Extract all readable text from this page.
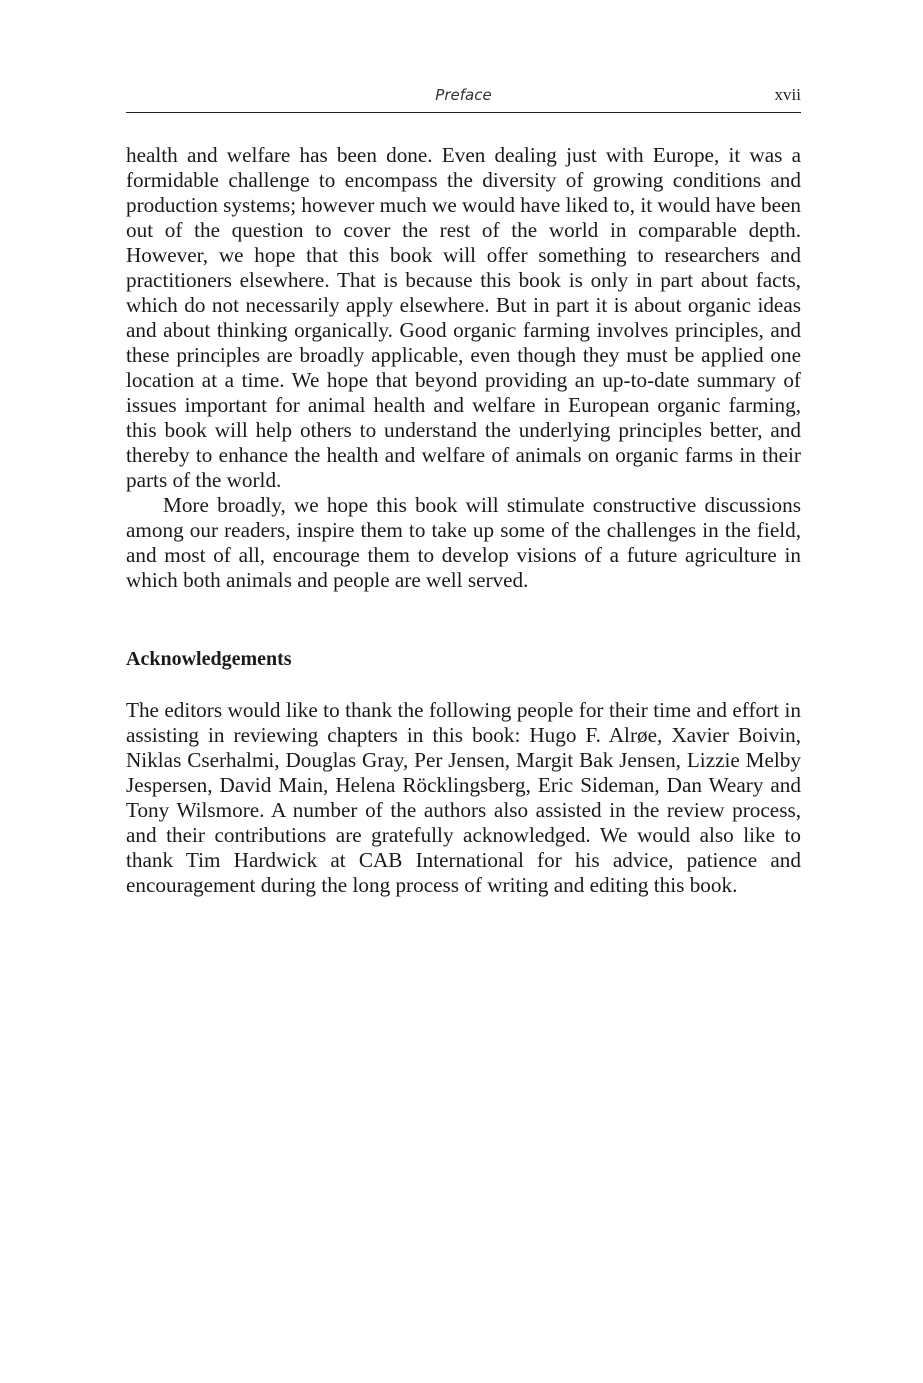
Preface	xvii

health and welfare has been done. Even dealing just with Europe, it was a formidable challenge to encompass the diversity of growing conditions and production systems; however much we would have liked to, it would have been out of the question to cover the rest of the world in comparable depth. However, we hope that this book will offer something to researchers and practitioners elsewhere. That is because this book is only in part about facts, which do not necessarily apply elsewhere. But in part it is about organic ideas and about thinking organically. Good organic farming involves principles, and these principles are broadly applicable, even though they must be applied one location at a time. We hope that beyond providing an up-to-date summary of issues important for animal health and welfare in European organic farming, this book will help others to understand the underlying principles better, and thereby to enhance the health and welfare of animals on organic farms in their parts of the world.

More broadly, we hope this book will stimulate constructive discussions among our readers, inspire them to take up some of the challenges in the field, and most of all, encourage them to develop visions of a future agriculture in which both animals and people are well served.

Acknowledgements

The editors would like to thank the following people for their time and effort in assisting in reviewing chapters in this book: Hugo F. Alrøe, Xavier Boivin, Niklas Cserhalmi, Douglas Gray, Per Jensen, Margit Bak Jensen, Lizzie Melby Jespersen, David Main, Helena Röcklingsberg, Eric Sideman, Dan Weary and Tony Wilsmore. A number of the authors also assisted in the review process, and their contributions are gratefully acknowledged. We would also like to thank Tim Hardwick at CAB International for his advice, patience and encouragement during the long process of writing and editing this book.
